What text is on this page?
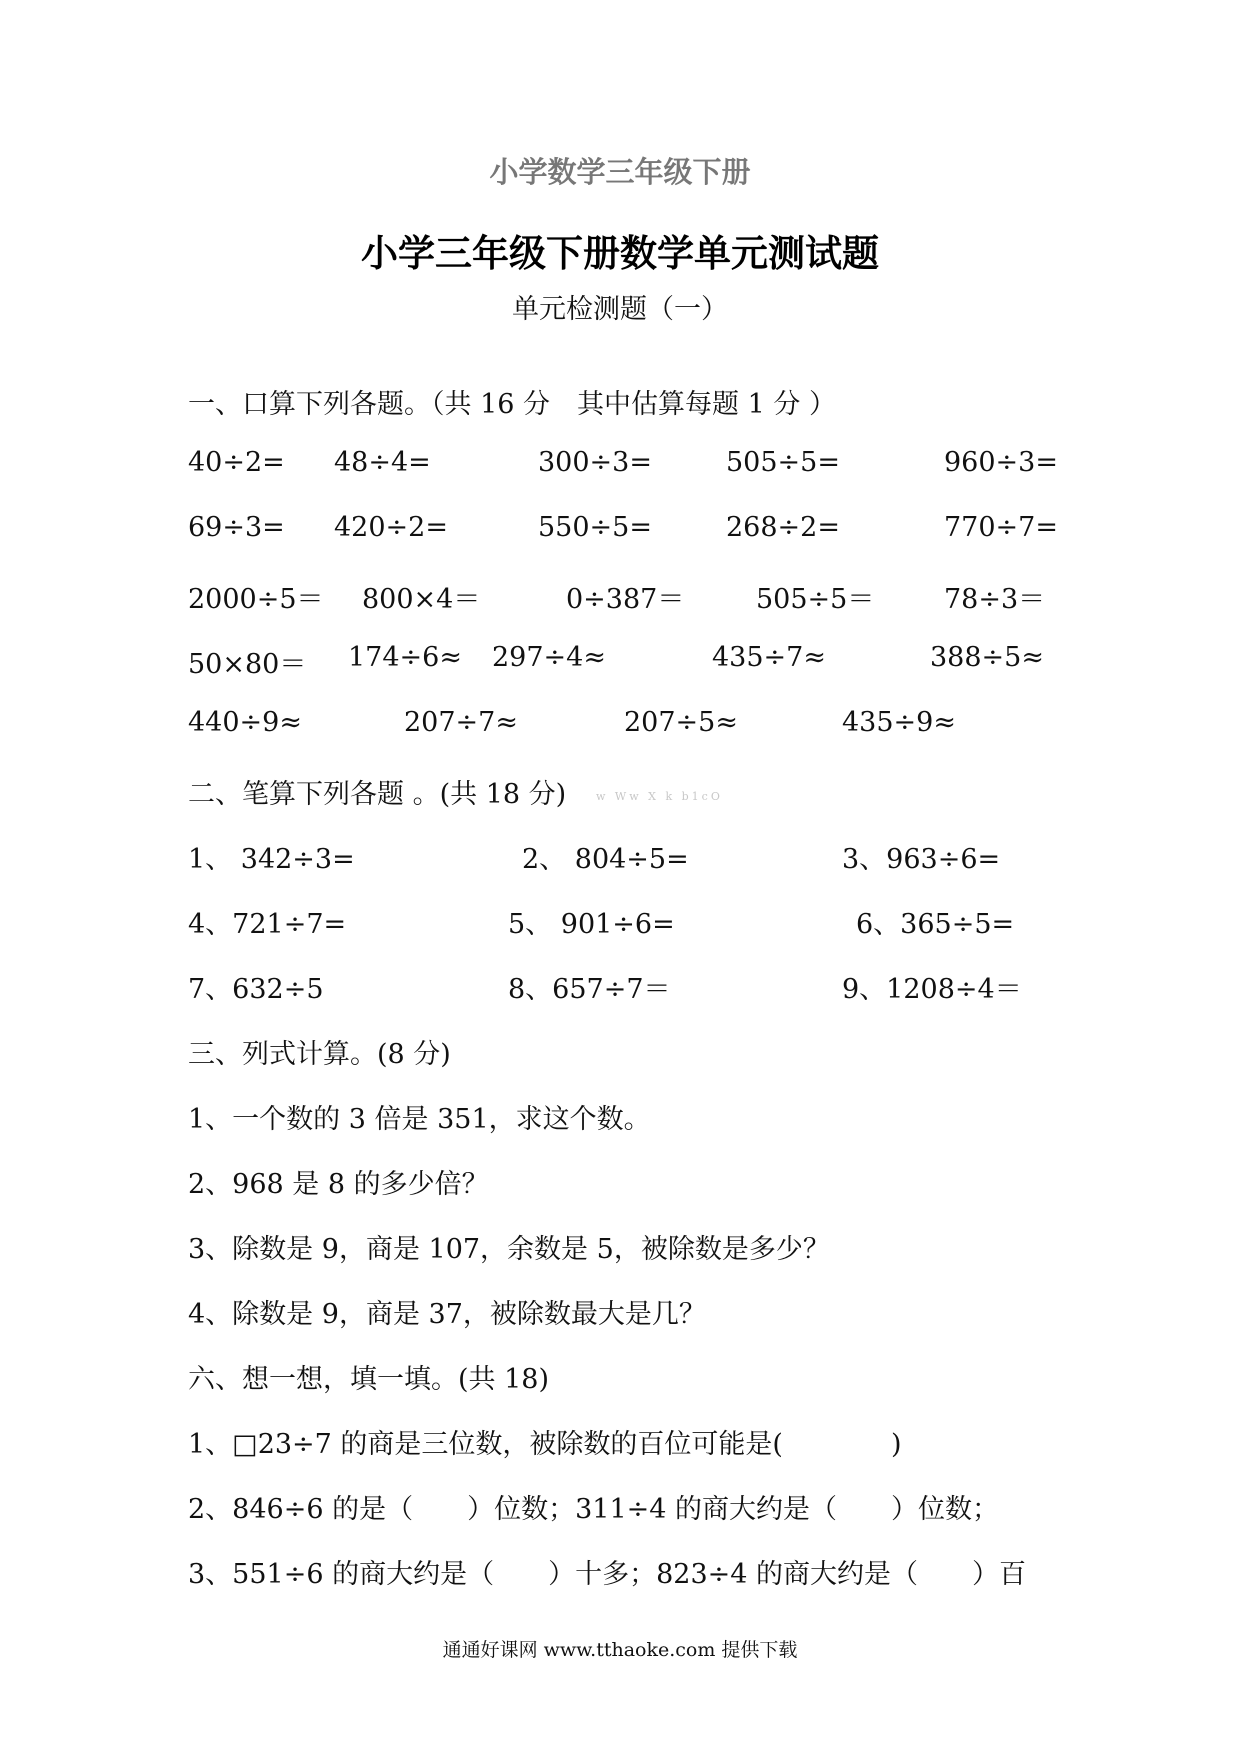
小学数学三年级下册
小学三年级下册数学单元测试题
单元检测题（一）
一、口算下列各题。（共 16 分　其中估算每题 1 分 ）
40÷2= 48÷4=	300÷3=	505÷5=	960÷3=
69÷3= 420÷2=	550÷5=	268÷2=	770÷7=
2000÷5＝ 800×4＝	0÷387＝	505÷5＝	78÷3＝
50×80＝ 174÷6≈ 297÷4≈	435÷7≈	388÷5≈
440÷9≈	207÷7≈	207÷5≈	435÷9≈
二、笔算下列各题 。(共 18 分)	w Ww X k b1cO
1、 342÷3=	2、 804÷5=	3、963÷6=
4、721÷7=	5、 901÷6=	6、365÷5=
7、632÷5	8、657÷7＝	9、1208÷4＝
三、列式计算。(8 分)
1、一个数的 3 倍是 351，求这个数。
2、968 是 8 的多少倍？
3、除数是 9，商是 107，余数是 5，被除数是多少？
4、除数是 9，商是 37，被除数最大是几？
六、想一想，填一填。(共 18)
1、□23÷7 的商是三位数，被除数的百位可能是(　　　　)
2、846÷6 的是（　　）位数；311÷4 的商大约是（　　）位数；
3、551÷6 的商大约是（　　）十多；823÷4 的商大约是（　　）百
通通好课网 www.tthaoke.com 提供下载
